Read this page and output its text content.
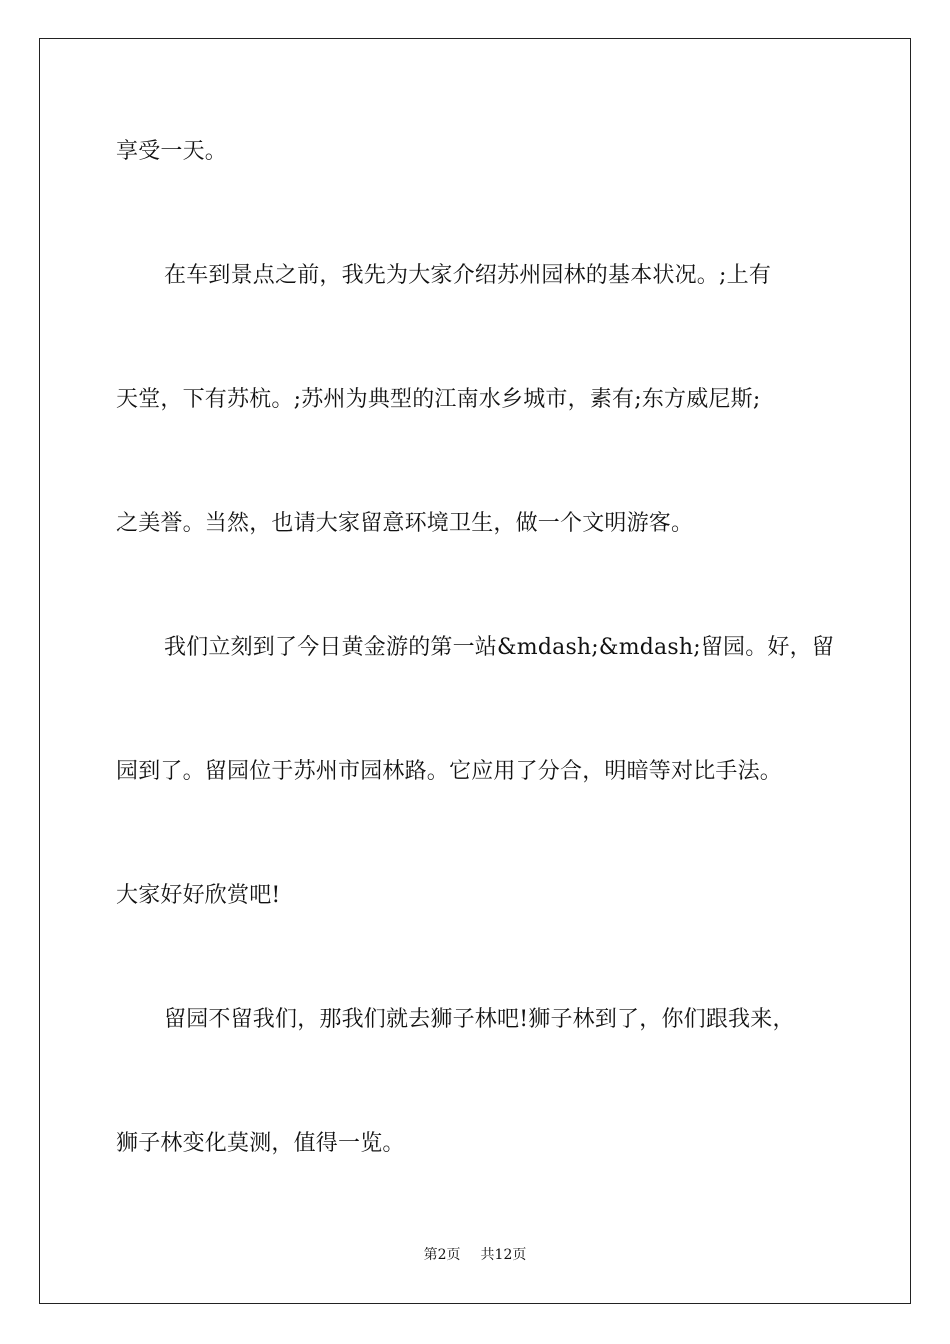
享受一天。
在车到景点之前，我先为大家介绍苏州园林的基本状况。;上有
天堂，下有苏杭。;苏州为典型的江南水乡城市，素有;东方威尼斯;
之美誉。当然，也请大家留意环境卫生，做一个文明游客。
我们立刻到了今日黄金游的第一站&mdash;&mdash;留园。好，留
园到了。留园位于苏州市园林路。它应用了分合，明暗等对比手法。
大家好好欣赏吧!
留园不留我们，那我们就去狮子林吧!狮子林到了，你们跟我来，
狮子林变化莫测，值得一览。
第2页 共12页
